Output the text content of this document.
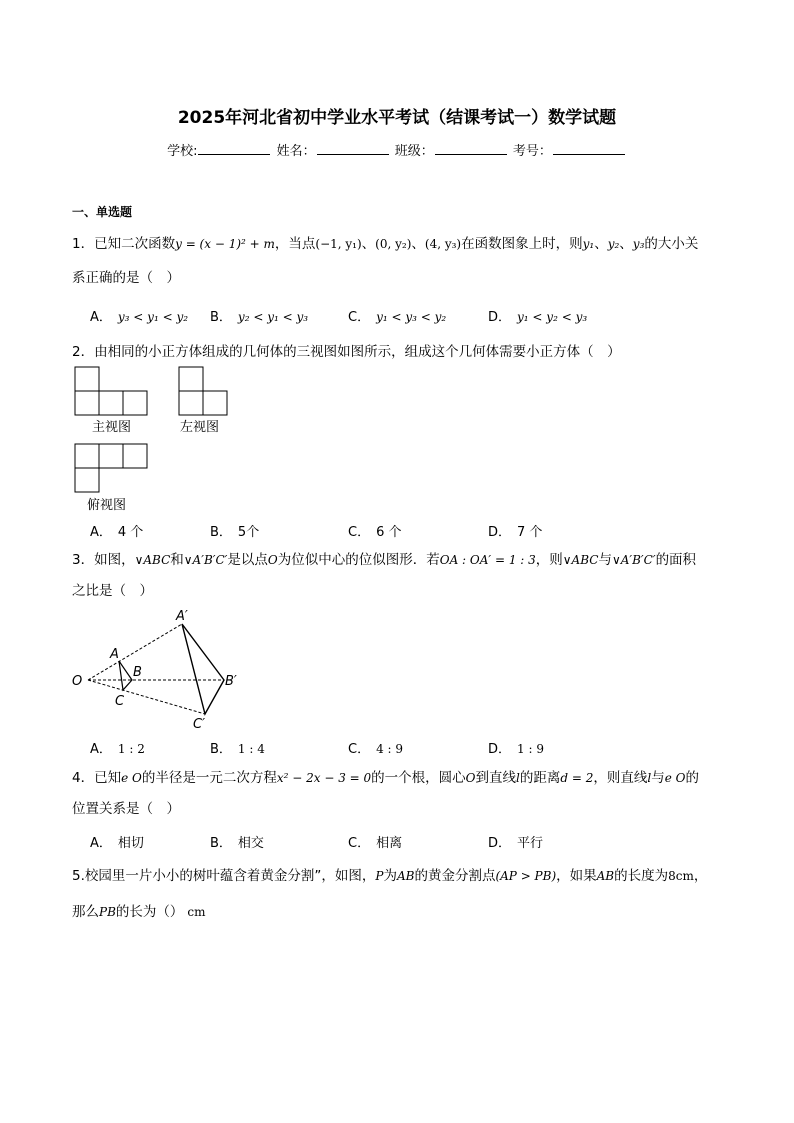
2025年河北省初中学业水平考试（结课考试一）数学试题
学校:	姓名：	班级：	考号：
一、单选题
1．已知二次函数y = (x − 1)² + m，当点(−1, y₁)、(0, y₂)、(4, y₃)在函数图象上时，则y₁、y₂、y₃的大小关
系正确的是（　）
A． y₃ < y₁ < y₂ B． y₂ < y₁ < y₃	C． y₁ < y₃ < y₂	D． y₁ < y₂ < y₃
2．由相同的小正方体组成的几何体的三视图如图所示，组成这个几何体需要小正方体（　）
主视图	左视图
俯视图
A． 4 个	B． 5个	C． 6 个	D． 7 个
3．如图，∨ABC和∨A′B′C′是以点O为位似中心的位似图形．若OA : OA′ = 1 : 3，则∨ABC与∨A′B′C′的面积
之比是（　）
O
A
B
C
A′
B′
C′
A． 1 : 2	B． 1 : 4	C． 4 : 9	D． 1 : 9
4．已知e O的半径是一元二次方程x² − 2x − 3 = 0的一个根，圆心O到直线l的距离d = 2，则直线l与e O的
位置关系是（　）
A． 相切	B． 相交	C． 相离	D． 平行
5.校园里一片小小的树叶蕴含着黄金分割”，如图，P为AB的黄金分割点(AP > PB)，如果AB的长度为8cm，
那么PB的长为（） cm
